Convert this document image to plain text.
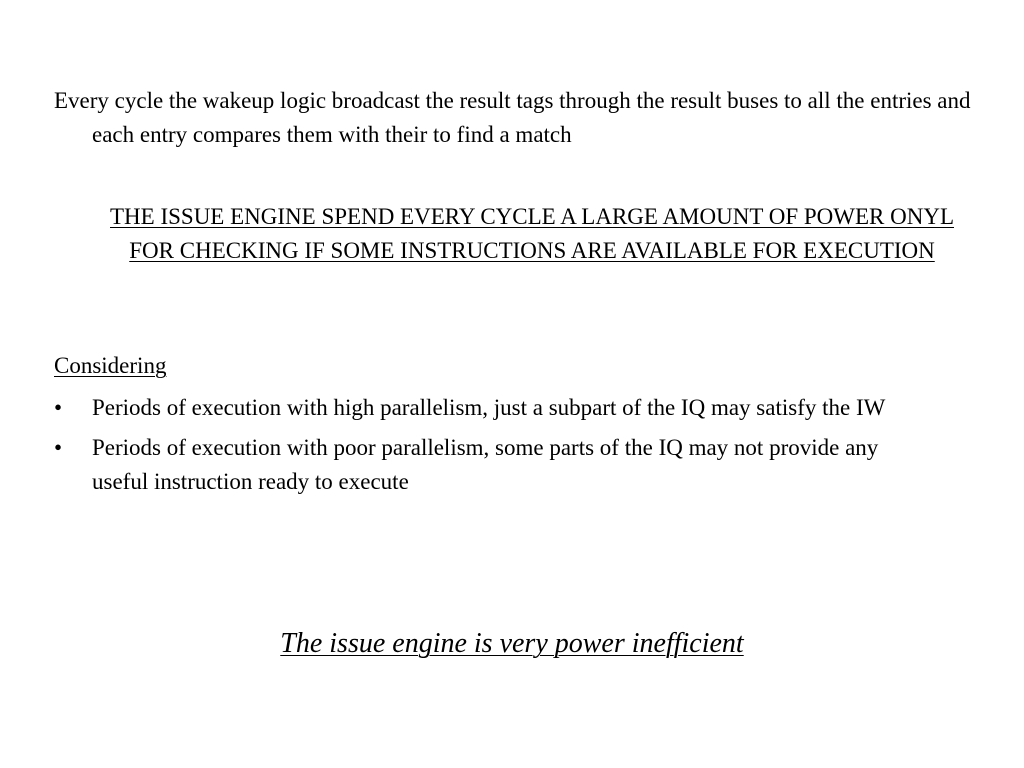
Every cycle the wakeup logic broadcast the result tags through the result buses to all the entries and each entry compares them with their to find a match

THE ISSUE ENGINE SPEND EVERY CYCLE A LARGE AMOUNT OF POWER ONYL FOR CHECKING IF SOME INSTRUCTIONS ARE AVAILABLE FOR EXECUTION

Considering

•	Periods of execution with high parallelism, just a subpart of the IQ may satisfy the IW
•	Periods of execution with poor parallelism, some parts of the IQ may not provide any useful instruction ready to execute

The issue engine is very power inefficient
